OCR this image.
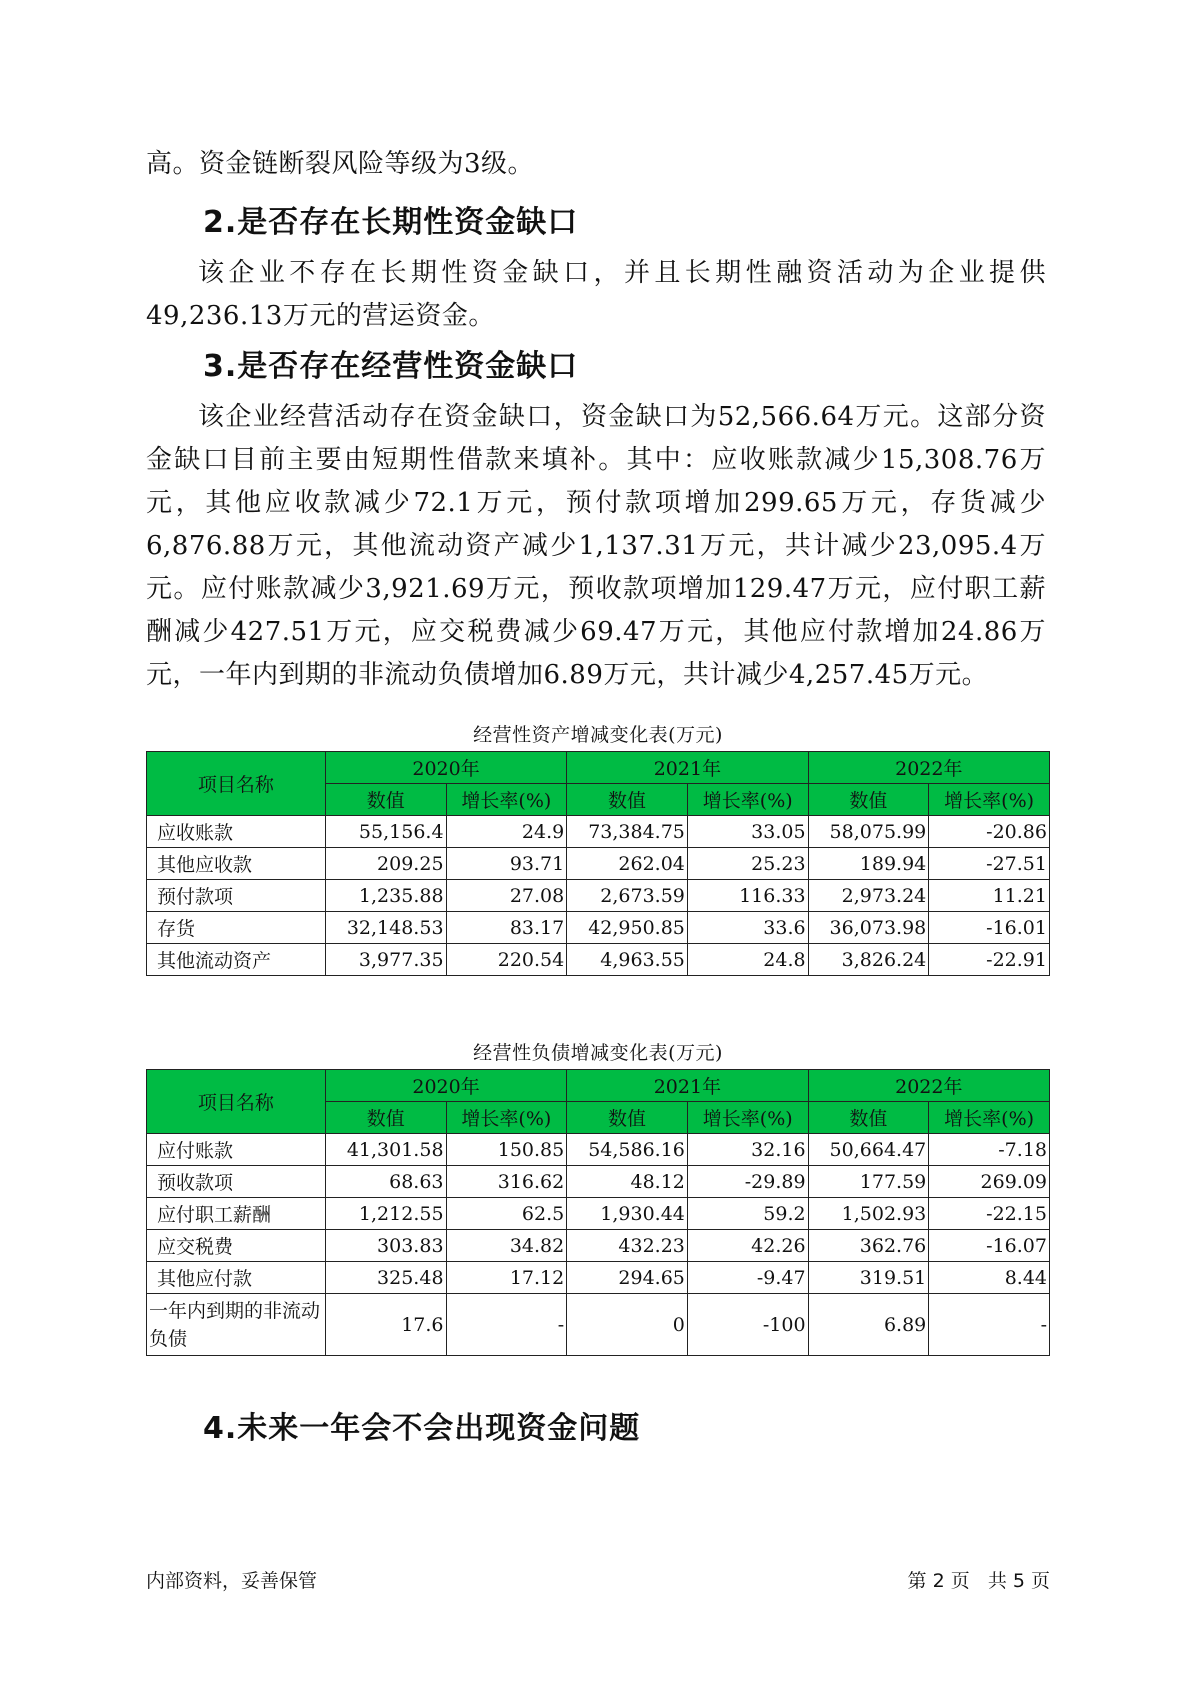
高。资金链断裂风险等级为3级。

2.是否存在长期性资金缺口

该企业不存在长期性资金缺口，并且长期性融资活动为企业提供49,236.13万元的营运资金。

3.是否存在经营性资金缺口

该企业经营活动存在资金缺口，资金缺口为52,566.64万元。这部分资金缺口目前主要由短期性借款来填补。其中：应收账款减少15,308.76万元，其他应收款减少72.1万元，预付款项增加299.65万元，存货减少6,876.88万元，其他流动资产减少1,137.31万元，共计减少23,095.4万元。应付账款减少3,921.69万元，预收款项增加129.47万元，应付职工薪酬减少427.51万元，应交税费减少69.47万元，其他应付款增加24.86万元，一年内到期的非流动负债增加6.89万元，共计减少4,257.45万元。

经营性资产增减变化表(万元)
项目名称	2020年		2021年		2022年	
	数值	增长率(%)	数值	增长率(%)	数值	增长率(%)
应收账款	55,156.4	24.9	73,384.75	33.05	58,075.99	-20.86
其他应收款	209.25	93.71	262.04	25.23	189.94	-27.51
预付款项	1,235.88	27.08	2,673.59	116.33	2,973.24	11.21
存货	32,148.53	83.17	42,950.85	33.6	36,073.98	-16.01
其他流动资产	3,977.35	220.54	4,963.55	24.8	3,826.24	-22.91
经营性负债增减变化表(万元)
项目名称	2020年		2021年		2022年	
	数值	增长率(%)	数值	增长率(%)	数值	增长率(%)
应付账款	41,301.58	150.85	54,586.16	32.16	50,664.47	-7.18
预收款项	68.63	316.62	48.12	-29.89	177.59	269.09
应付职工薪酬	1,212.55	62.5	1,930.44	59.2	1,502.93	-22.15
应交税费	303.83	34.82	432.23	42.26	362.76	-16.07
其他应付款	325.48	17.12	294.65	-9.47	319.51	8.44
一年内到期的非流动负债	17.6	-	0	-100	6.89	-
4.未来一年会不会出现资金问题
内部资料，妥善保管	第 2 页   共 5 页
